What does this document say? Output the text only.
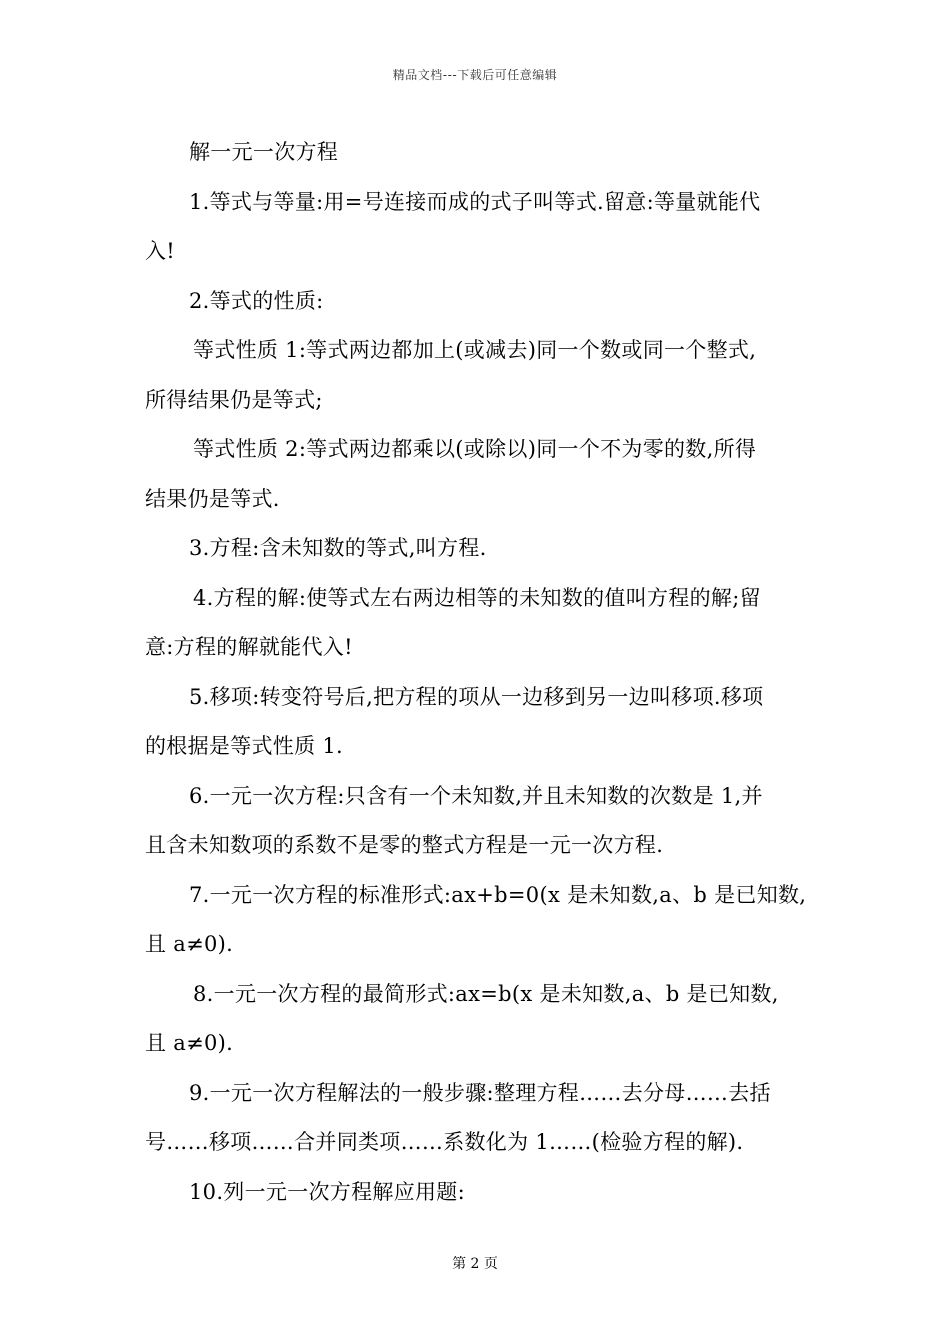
精品文档---下载后可任意编辑
解一元一次方程
1.等式与等量:用=号连接而成的式子叫等式.留意:等量就能代
入!
2.等式的性质:
等式性质 1:等式两边都加上(或减去)同一个数或同一个整式,
所得结果仍是等式;
等式性质 2:等式两边都乘以(或除以)同一个不为零的数,所得
结果仍是等式.
3.方程:含未知数的等式,叫方程.
4.方程的解:使等式左右两边相等的未知数的值叫方程的解;留
意:方程的解就能代入!
5.移项:转变符号后,把方程的项从一边移到另一边叫移项.移项
的根据是等式性质 1.
6.一元一次方程:只含有一个未知数,并且未知数的次数是 1,并
且含未知数项的系数不是零的整式方程是一元一次方程.
7.一元一次方程的标准形式:ax+b=0(x 是未知数,a、b 是已知数,
且 a≠0).
8.一元一次方程的最简形式:ax=b(x 是未知数,a、b 是已知数,
且 a≠0).
9.一元一次方程解法的一般步骤:整理方程……去分母……去括
号……移项……合并同类项……系数化为 1……(检验方程的解).
10.列一元一次方程解应用题:
第 2 页
